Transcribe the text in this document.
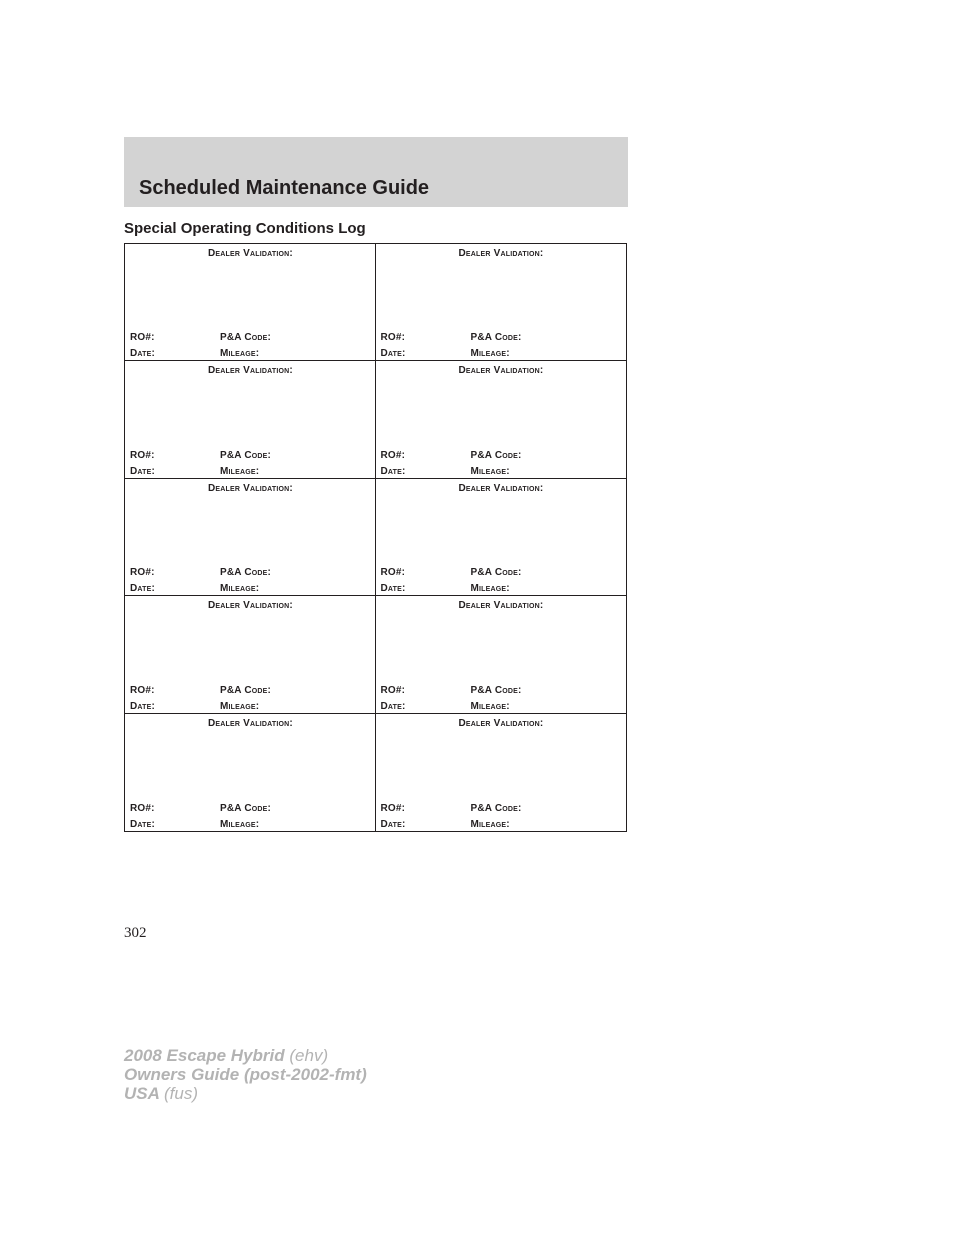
Scheduled Maintenance Guide
Special Operating Conditions Log
Dealer Validation:
RO#:	P&A Code:
Date:	Mileage:
Dealer Validation:
RO#:	P&A Code:
Date:	Mileage:
Dealer Validation:
RO#:	P&A Code:
Date:	Mileage:
Dealer Validation:
RO#:	P&A Code:
Date:	Mileage:
Dealer Validation:
RO#:	P&A Code:
Date:	Mileage:
Dealer Validation:
RO#:	P&A Code:
Date:	Mileage:
Dealer Validation:
RO#:	P&A Code:
Date:	Mileage:
Dealer Validation:
RO#:	P&A Code:
Date:	Mileage:
Dealer Validation:
RO#:	P&A Code:
Date:	Mileage:
Dealer Validation:
RO#:	P&A Code:
Date:	Mileage:
302
2008 Escape Hybrid (ehv)
Owners Guide (post-2002-fmt)
USA (fus)
